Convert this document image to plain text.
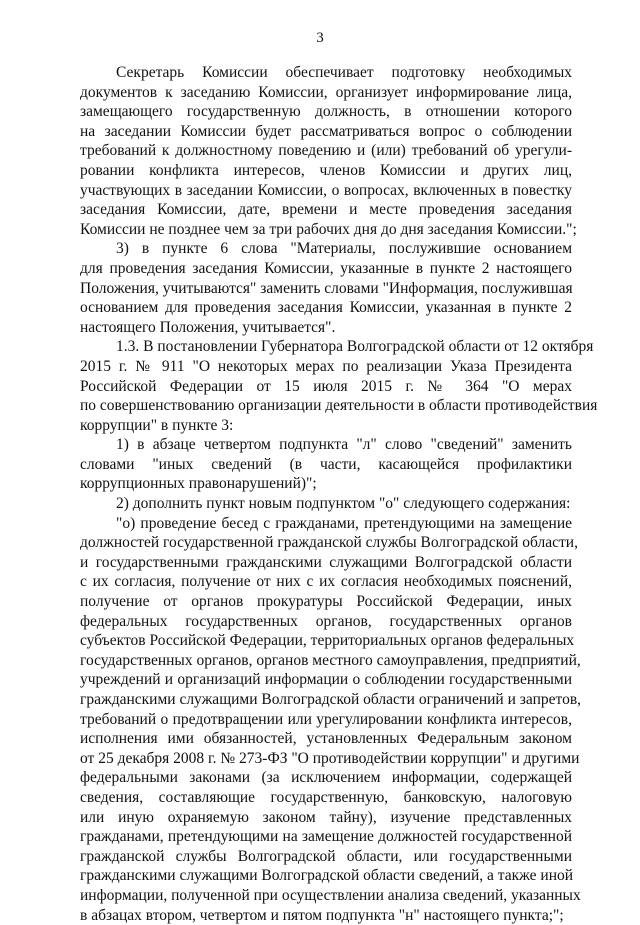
3
Секретарь Комиссии обеспечивает подготовку необходимых
документов к заседанию Комиссии, организует информирование лица,
замещающего государственную должность, в отношении которого
на заседании Комиссии будет рассматриваться вопрос о соблюдении
требований к должностному поведению и (или) требований об урегули-
ровании конфликта интересов, членов Комиссии и других лиц,
участвующих в заседании Комиссии, о вопросах, включенных в повестку
заседания Комиссии, дате, времени и месте проведения заседания
Комиссии не позднее чем за три рабочих дня до дня заседания Комиссии.";
3) в пункте 6 слова "Материалы, послужившие основанием
для проведения заседания Комиссии, указанные в пункте 2 настоящего
Положения, учитываются" заменить словами "Информация, послужившая
основанием для проведения заседания Комиссии, указанная в пункте 2
настоящего Положения, учитывается".
1.3. В постановлении Губернатора Волгоградской области от 12 октября
2015 г. № 911 "О некоторых мерах по реализации Указа Президента
Российской Федерации от 15 июля 2015 г. № 364 "О мерах
по совершенствованию организации деятельности в области противодействия
коррупции" в пункте 3:
1) в абзаце четвертом подпункта "л" слово "сведений" заменить
словами "иных сведений (в части, касающейся профилактики
коррупционных правонарушений)";
2) дополнить пункт новым подпунктом "о" следующего содержания:
"о) проведение бесед с гражданами, претендующими на замещение
должностей государственной гражданской службы Волгоградской области,
и государственными гражданскими служащими Волгоградской области
с их согласия, получение от них с их согласия необходимых пояснений,
получение от органов прокуратуры Российской Федерации, иных
федеральных государственных органов, государственных органов
субъектов Российской Федерации, территориальных органов федеральных
государственных органов, органов местного самоуправления, предприятий,
учреждений и организаций информации о соблюдении государственными
гражданскими служащими Волгоградской области ограничений и запретов,
требований о предотвращении или урегулировании конфликта интересов,
исполнения ими обязанностей, установленных Федеральным законом
от 25 декабря 2008 г. № 273-ФЗ "О противодействии коррупции" и другими
федеральными законами (за исключением информации, содержащей
сведения, составляющие государственную, банковскую, налоговую
или иную охраняемую законом тайну), изучение представленных
гражданами, претендующими на замещение должностей государственной
гражданской службы Волгоградской области, или государственными
гражданскими служащими Волгоградской области сведений, а также иной
информации, полученной при осуществлении анализа сведений, указанных
в абзацах втором, четвертом и пятом подпункта "н" настоящего пункта;";
